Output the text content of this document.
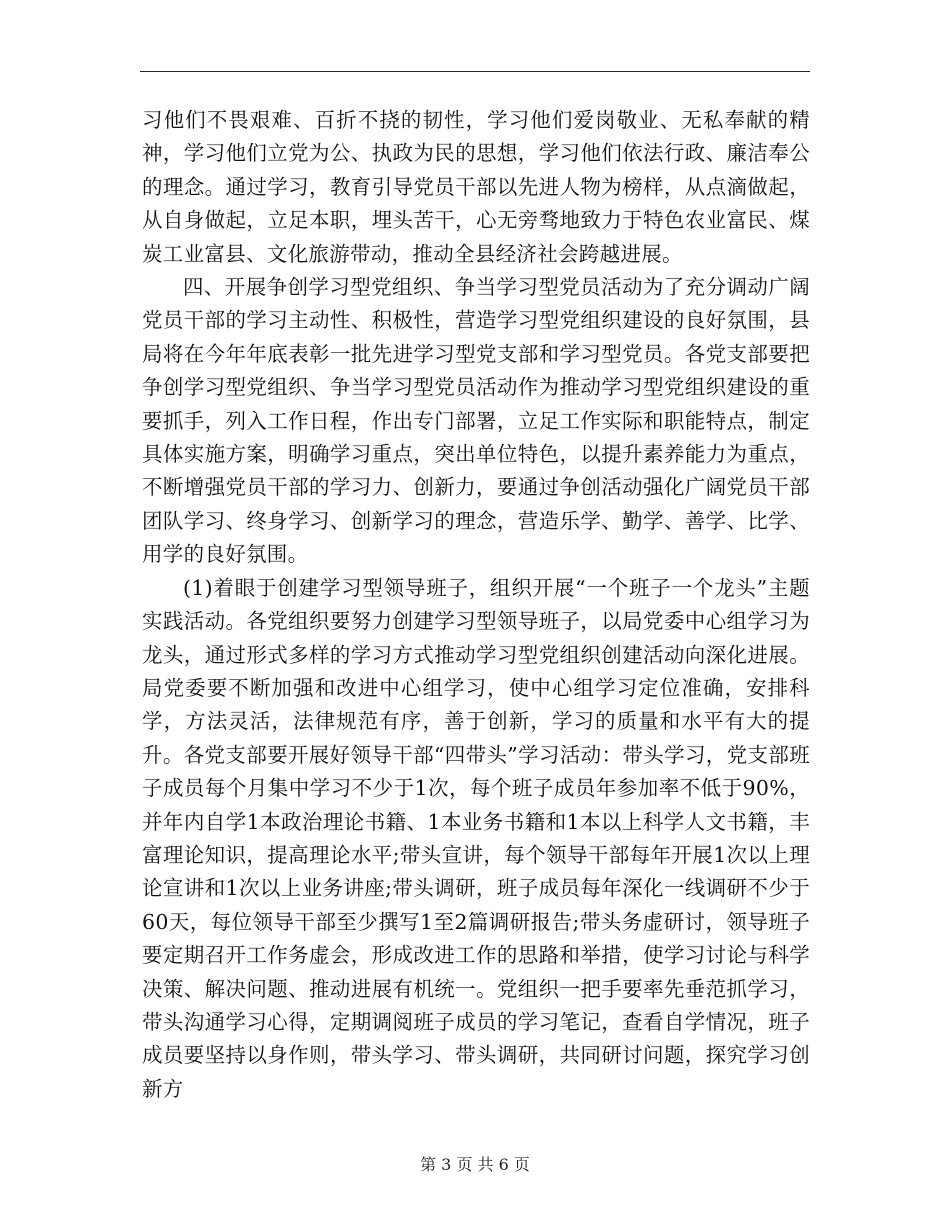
习他们不畏艰难、百折不挠的韧性，学习他们爱岗敬业、无私奉献的精神，学习他们立党为公、执政为民的思想，学习他们依法行政、廉洁奉公的理念。通过学习，教育引导党员干部以先进人物为榜样，从点滴做起，从自身做起，立足本职，埋头苦干，心无旁骛地致力于特色农业富民、煤炭工业富县、文化旅游带动，推动全县经济社会跨越进展。

四、开展争创学习型党组织、争当学习型党员活动为了充分调动广阔党员干部的学习主动性、积极性，营造学习型党组织建设的良好氛围，县局将在今年年底表彰一批先进学习型党支部和学习型党员。各党支部要把争创学习型党组织、争当学习型党员活动作为推动学习型党组织建设的重要抓手，列入工作日程，作出专门部署，立足工作实际和职能特点，制定具体实施方案，明确学习重点，突出单位特色，以提升素养能力为重点，不断增强党员干部的学习力、创新力，要通过争创活动强化广阔党员干部团队学习、终身学习、创新学习的理念，营造乐学、勤学、善学、比学、用学的良好氛围。

(1)着眼于创建学习型领导班子，组织开展“一个班子一个龙头”主题实践活动。各党组织要努力创建学习型领导班子，以局党委中心组学习为龙头，通过形式多样的学习方式推动学习型党组织创建活动向深化进展。局党委要不断加强和改进中心组学习，使中心组学习定位准确，安排科学，方法灵活，法律规范有序，善于创新，学习的质量和水平有大的提升。各党支部要开展好领导干部“四带头”学习活动：带头学习，党支部班子成员每个月集中学习不少于1次，每个班子成员年参加率不低于90%，并年内自学1本政治理论书籍、1本业务书籍和1本以上科学人文书籍，丰富理论知识，提高理论水平;带头宣讲，每个领导干部每年开展1次以上理论宣讲和1次以上业务讲座;带头调研，班子成员每年深化一线调研不少于60天，每位领导干部至少撰写1至2篇调研报告;带头务虚研讨，领导班子要定期召开工作务虚会，形成改进工作的思路和举措，使学习讨论与科学决策、解决问题、推动进展有机统一。党组织一把手要率先垂范抓学习，带头沟通学习心得，定期调阅班子成员的学习笔记，查看自学情况，班子成员要坚持以身作则，带头学习、带头调研，共同研讨问题，探究学习创新方

第 3 页 共 6 页
